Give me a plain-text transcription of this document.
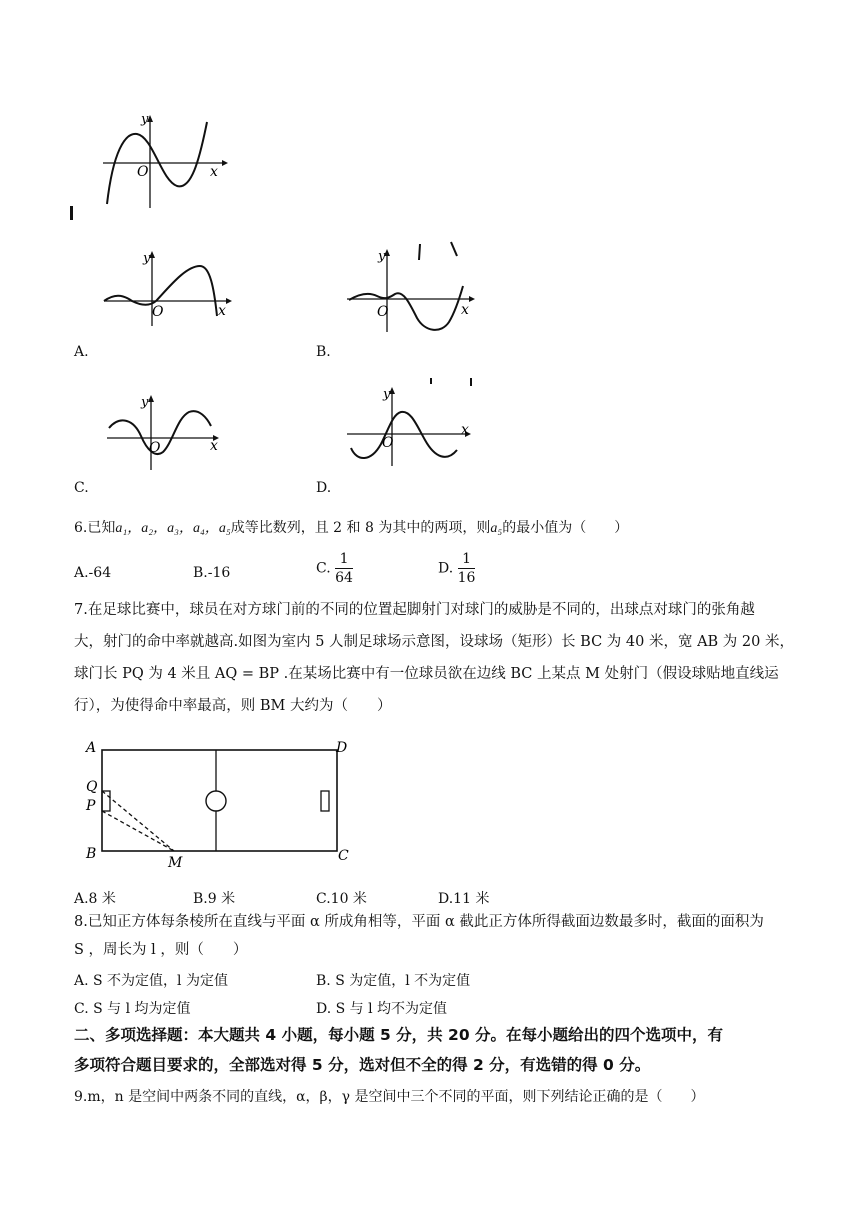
y
O	x
y
O	x
A.
y
O	x
B.
y
O	x
C.
y
O
x
D.
6.已知a₁，a₂，a₃，a₄，a₅成等比数列，且 2 和 8 为其中的两项，则a₅的最小值为（　　）
A.-64	B.-16	C. $\frac{1}{64}$	D. $\frac{1}{16}$
7.在足球比赛中，球员在对方球门前的不同的位置起脚射门对球门的威胁是不同的，出球点对球门的张角越
大，射门的命中率就越高.如图为室内 5 人制足球场示意图，设球场（矩形）长 BC 为 40 米，宽 AB 为 20 米，
球门长 PQ 为 4 米且 AQ = BP .在某场比赛中有一位球员欲在边线 BC 上某点 M 处射门（假设球贴地直线运
行），为使得命中率最高，则 BM 大约为（　　）
A	D
Q
P
B	C
M
A.8 米	B.9 米	C.10 米	D.11 米
8.已知正方体每条棱所在直线与平面 α 所成角相等，平面 α 截此正方体所得截面边数最多时，截面的面积为
S ，周长为 l ，则（　　）
A. S 不为定值，l 为定值	B. S 为定值，l 不为定值
C. S 与 l 均为定值	D. S 与 l 均不为定值
二、多项选择题：本大题共 4 小题，每小题 5 分，共 20 分。在每小题给出的四个选项中，有
多项符合题目要求的，全部选对得 5 分，选对但不全的得 2 分，有选错的得 0 分。
9.m，n 是空间中两条不同的直线，α，β，γ 是空间中三个不同的平面，则下列结论正确的是（　　）
